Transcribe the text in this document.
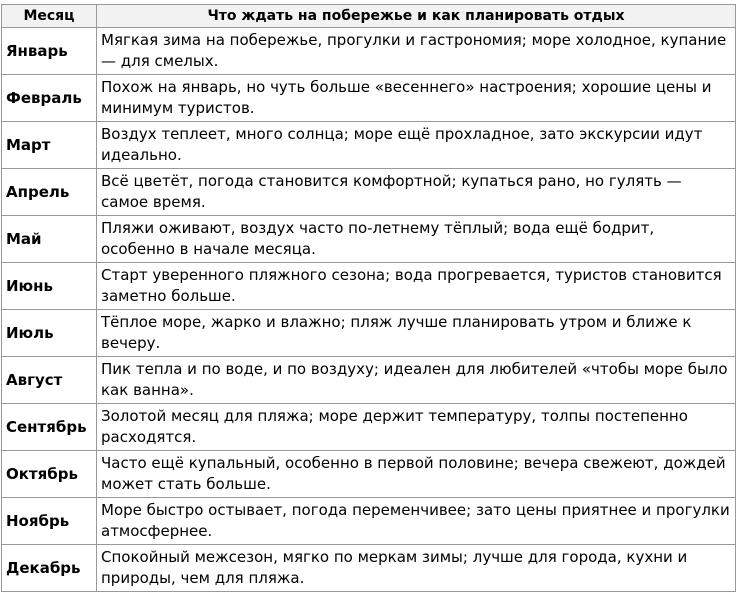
Месяц	Что ждать на побережье и как планировать отдых
Январь	Мягкая зима на побережье, прогулки и гастрономия; море холодное, купание — для смелых.
Февраль	Похож на январь, но чуть больше «весеннего» настроения; хорошие цены и минимум туристов.
Март	Воздух теплеет, много солнца; море ещё прохладное, зато экскурсии идут идеально.
Апрель	Всё цветёт, погода становится комфортной; купаться рано, но гулять — самое время.
Май	Пляжи оживают, воздух часто по-летнему тёплый; вода ещё бодрит, особенно в начале месяца.
Июнь	Старт уверенного пляжного сезона; вода прогревается, туристов становится заметно больше.
Июль	Тёплое море, жарко и влажно; пляж лучше планировать утром и ближе к вечеру.
Август	Пик тепла и по воде, и по воздуху; идеален для любителей «чтобы море было как ванна».
Сентябрь	Золотой месяц для пляжа; море держит температуру, толпы постепенно расходятся.
Октябрь	Часто ещё купальный, особенно в первой половине; вечера свежеют, дождей может стать больше.
Ноябрь	Море быстро остывает, погода переменчивее; зато цены приятнее и прогулки атмосфернее.
Декабрь	Спокойный межсезон, мягко по меркам зимы; лучше для города, кухни и природы, чем для пляжа.
